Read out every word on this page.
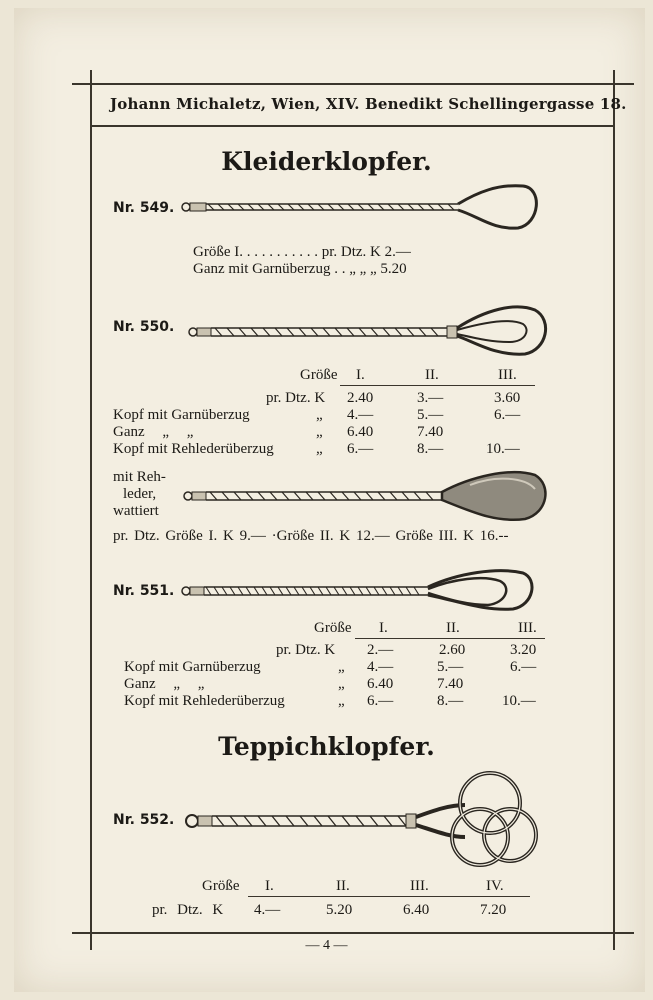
Johann Michaletz, Wien, XIV. Benedikt Schellingergasse 18.
Kleiderklopfer.
Nr. 549.
Größe I. . . . . . . . . . . pr. Dtz. K 2.—
Ganz mit Garnüberzug . . „ „ „ 5.20
Nr. 550.
Größe I.	II.	III.
pr. Dtz. K 2.40	3.—	3.60
Kopf mit Garnüberzug	„ 4.—	5.—	6.—
Ganz „ „	„ 6.40	7.40
Kopf mit Rehlederüberzug	„ 6.—	8.—	10.—
mit Reh-
leder,
wattiert
pr. Dtz. Größe I. K 9.— ·Größe II. K 12.— Größe III. K 16.--
Nr. 551.
Größe I.	II.	III.
pr. Dtz. K 2.—	2.60	3.20
Kopf mit Garnüberzug	„ 4.—	5.—	6.—
Ganz „ „	„ 6.40	7.40
Kopf mit Rehlederüberzug	„ 6.—	8.—	10.—
Teppichklopfer.
Nr. 552.
Größe I.	II.	III.	IV.
pr. Dtz. K 4.—	5.20	6.40	7.20
— 4 —
